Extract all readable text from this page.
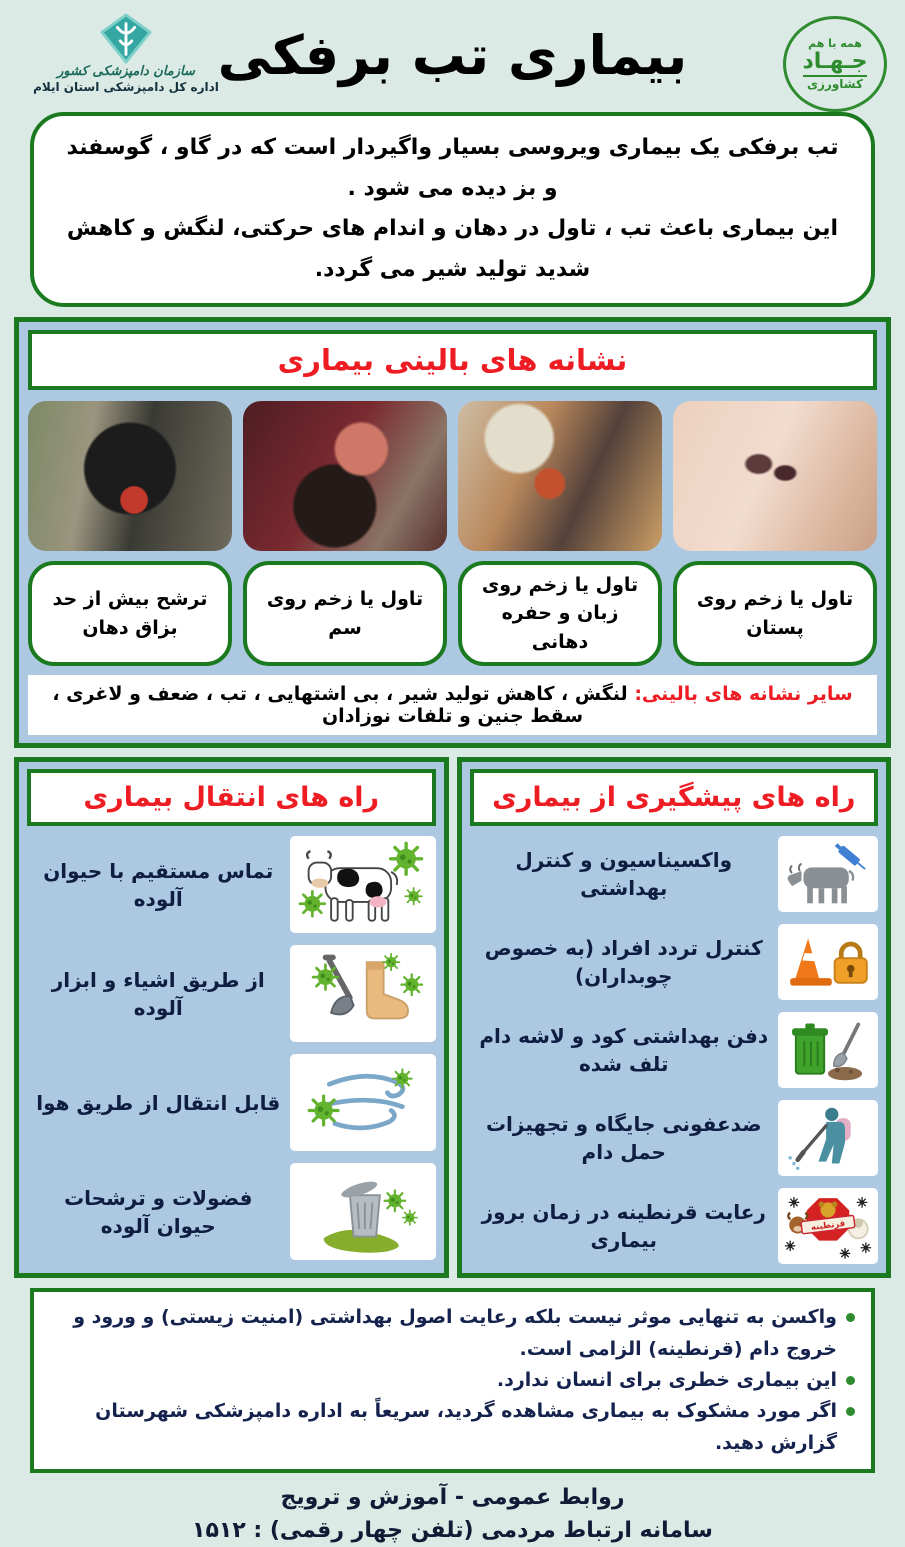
سازمان دامپزشکی کشور
اداره کل دامپزشکی استان ایلام
بیماری تب برفکی	همه با هم
جـهـاد
کشاورزی

تب برفکی یک بیماری ویروسی بسیار واگیردار است که در گاو ، گوسفند و بز دیده می شود .

این بیماری باعث تب ، تاول در دهان و اندام های حرکتی، لنگش و کاهش شدید تولید شیر می گردد.

نشانه های بالینی بیماری
ترشح بیش از حد بزاق دهان
تاول یا زخم روی سم
تاول یا زخم روی زبان و حفره دهانی
تاول یا زخم روی پستان
سایر نشانه های بالینی: لنگش ، کاهش تولید شیر ، بی اشتهایی ، تب ، ضعف و لاغری ، سقط جنین و تلفات نوزادان
راه های انتقال بیماری
تماس مستقیم با حیوان آلوده
از طریق اشیاء و ابزار آلوده
قابل انتقال از طریق هوا
فضولات و ترشحات حیوان آلوده
راه های پیشگیری از بیماری
واکسیناسیون و کنترل بهداشتی
کنترل تردد افراد (به خصوص چوبداران)
دفن بهداشتی کود و لاشه دام تلف شده
ضدعفونی جایگاه و تجهیزات حمل دام
رعایت قرنطینه در زمان بروز بیماری
قرنطینه
واکسن به تنهایی موثر نیست بلکه رعایت اصول بهداشتی (امنیت زیستی) و ورود و خروج دام (قرنطینه) الزامی است.
این بیماری خطری برای انسان ندارد.
اگر مورد مشکوک به بیماری مشاهده گردید، سریعاً به اداره دامپزشکی شهرستان گزارش دهید.

روابط عمومی - آموزش و ترویج

سامانه ارتباط مردمی (تلفن چهار رقمی) : ۱۵۱۲
